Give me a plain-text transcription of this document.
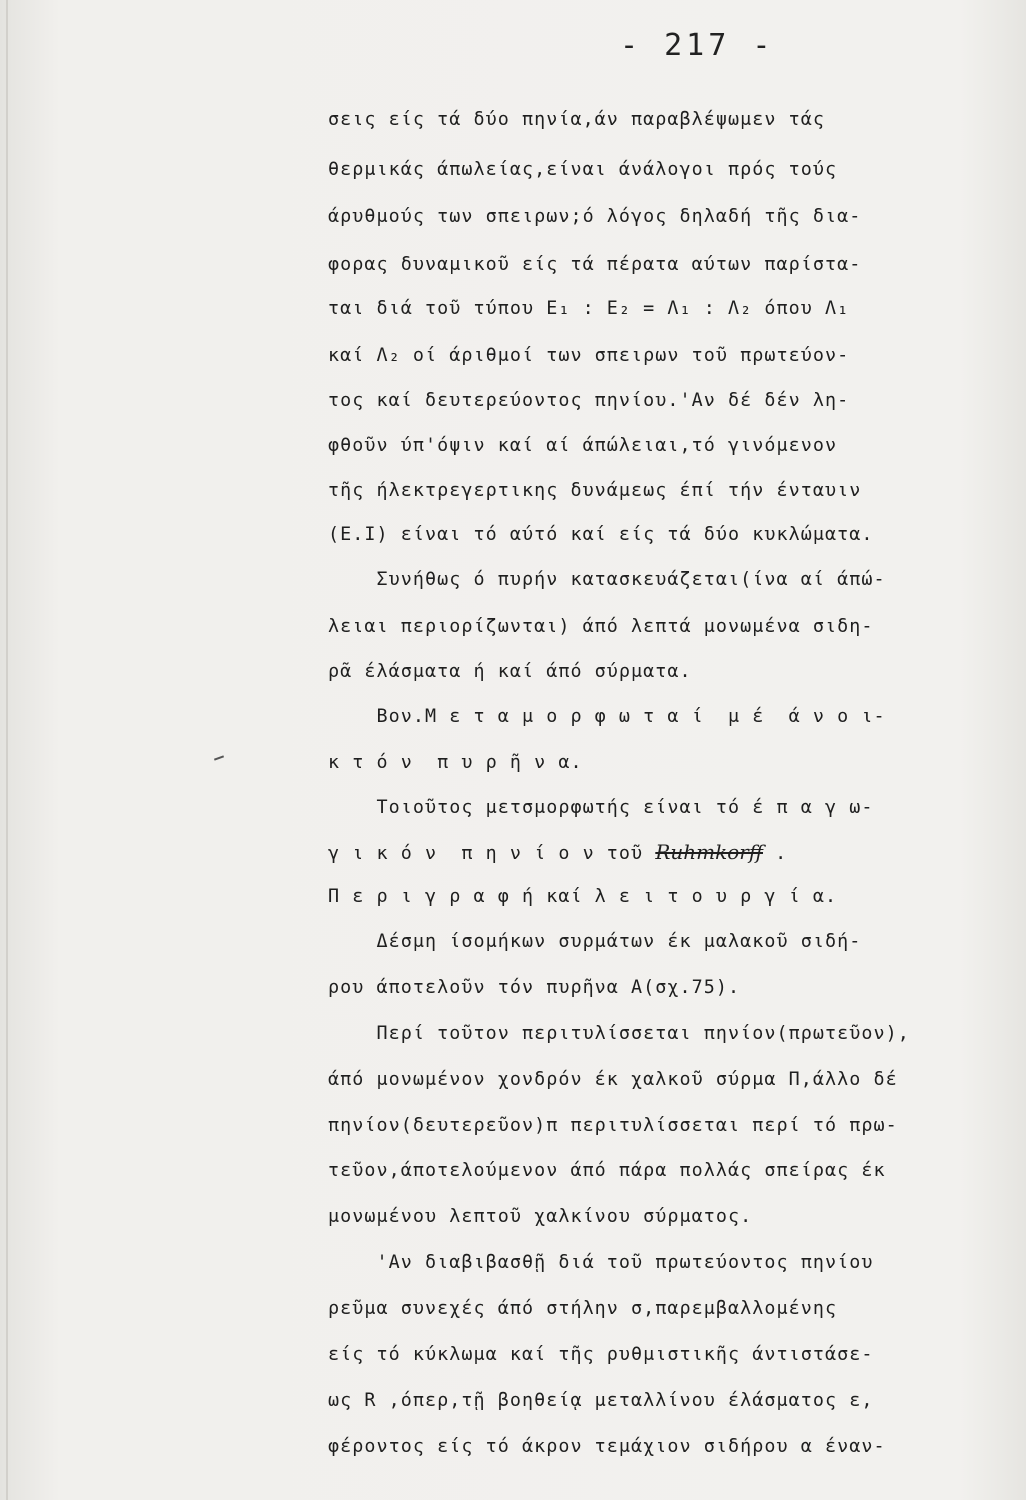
- 217 -
σεις είς τά δύο πηνία,άν παραβλέψωμεν τάς
θερμικάς άπωλείας,είναι άνάλογοι πρός τούς
άρυθμούς των σπειρων;ό λόγος δηλαδή τῆς δια-
φορας δυναμικοῦ είς τά πέρατα αύτων παρίστα-
ται διά τοῦ τύπου Ε₁ : Ε₂ = Λ₁ : Λ₂ όπου Λ₁
καί Λ₂ οί άριθμοί των σπειρων τοῦ πρωτεύον-
τος καί δευτερεύοντος πηνίου.'Αν δέ δέν λη-
φθοῦν ύπ'όψιν καί αί άπώλειαι,τό γινόμενον
τῆς ήλεκτρεγερτικης δυνάμεως έπί τήν ένταυιν
(Ε.Ι) είναι τό αύτό καί είς τά δύο κυκλώματα.
Συνήθως ό πυρήν κατασκευάζεται(ίνα αί άπώ-
λειαι περιορίζωνται) άπό λεπτά μονωμένα σιδη-
ρᾶ έλάσματα ή καί άπό σύρματα.
Βον.Μ ε τ α μ ο ρ φ ω τ α ί  μ έ  ά ν ο ι-
κ τ ό ν  π υ ρ ῆ ν α.
Τοιοῦτος μετσμορφωτής είναι τό έ π α γ ω-
γ ι κ ό ν  π η ν ί ο ν τοῦ Ruhmkorff .
Π ε ρ ι γ ρ α φ ή καί λ ε ι τ ο υ ρ γ ί α.
Δέσμη ίσομήκων συρμάτων έκ μαλακοῦ σιδή-
ρου άποτελοῦν τόν πυρῆνα Α(σχ.75).
Περί τοῦτον περιτυλίσσεται πηνίον(πρωτεῦον),
άπό μονωμένον χονδρόν έκ χαλκοῦ σύρμα Π,άλλο δέ
πηνίον(δευτερεῦον)π περιτυλίσσεται περί τό πρω-
τεῦον,άποτελούμενον άπό πάρα πολλάς σπείρας έκ
μονωμένου λεπτοῦ χαλκίνου σύρματος.
'Αν διαβιβασθῇ διά τοῦ πρωτεύοντος πηνίου
ρεῦμα συνεχές άπό στήλην σ,παρεμβαλλομένης
είς τό κύκλωμα καί τῆς ρυθμιστικῆς άντιστάσε-
ως R ,όπερ,τῇ βοηθείᾳ μεταλλίνου έλάσματος ε,
φέροντος είς τό άκρον τεμάχιον σιδήρου α έναν-
